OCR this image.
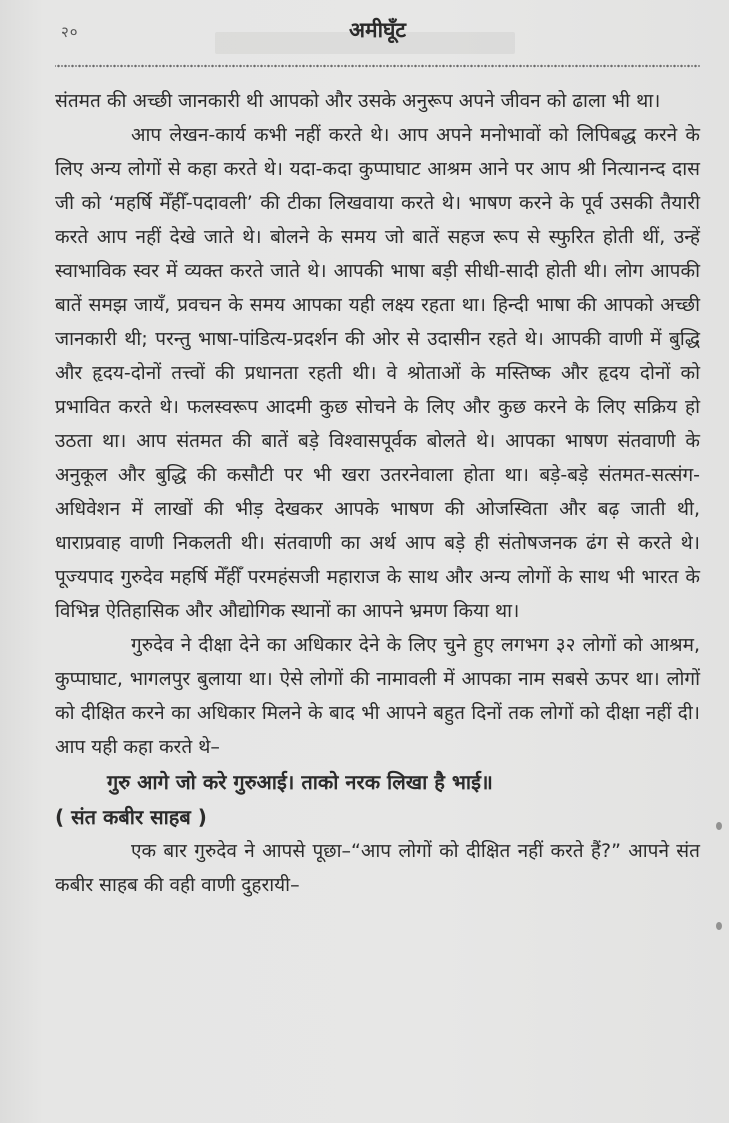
२०	अमीघूँट

संतमत की अच्छी जानकारी थी आपको और उसके अनुरूप अपने जीवन को ढाला भी था।

आप लेखन-कार्य कभी नहीं करते थे। आप अपने मनोभावों को लिपिबद्ध करने के लिए अन्य लोगों से कहा करते थे। यदा-कदा कुप्पाघाट आश्रम आने पर आप श्री नित्यानन्द दास जी को ‘महर्षि मेँहीँ-पदावली’ की टीका लिखवाया करते थे। भाषण करने के पूर्व उसकी तैयारी करते आप नहीं देखे जाते थे। बोलने के समय जो बातें सहज रूप से स्फुरित होती थीं, उन्हें स्वाभाविक स्वर में व्यक्त करते जाते थे। आपकी भाषा बड़ी सीधी-सादी होती थी। लोग आपकी बातें समझ जायँ, प्रवचन के समय आपका यही लक्ष्य रहता था। हिन्दी भाषा की आपको अच्छी जानकारी थी; परन्तु भाषा-पांडित्य-प्रदर्शन की ओर से उदासीन रहते थे। आपकी वाणी में बुद्धि और हृदय-दोनों तत्त्वों की प्रधानता रहती थी। वे श्रोताओं के मस्तिष्क और हृदय दोनों को प्रभावित करते थे। फलस्वरूप आदमी कुछ सोचने के लिए और कुछ करने के लिए सक्रिय हो उठता था। आप संतमत की बातें बड़े विश्वासपूर्वक बोलते थे। आपका भाषण संतवाणी के अनुकूल और बुद्धि की कसौटी पर भी खरा उतरनेवाला होता था। बड़े-बड़े संतमत-सत्संग-अधिवेशन में लाखों की भीड़ देखकर आपके भाषण की ओजस्विता और बढ़ जाती थी, धाराप्रवाह वाणी निकलती थी। संतवाणी का अर्थ आप बड़े ही संतोषजनक ढंग से करते थे। पूज्यपाद गुरुदेव महर्षि मेँहीँ परमहंसजी महाराज के साथ और अन्य लोगों के साथ भी भारत के विभिन्न ऐतिहासिक और औद्योगिक स्थानों का आपने भ्रमण किया था।

गुरुदेव ने दीक्षा देने का अधिकार देने के लिए चुने हुए लगभग ३२ लोगों को आश्रम, कुप्पाघाट, भागलपुर बुलाया था। ऐसे लोगों की नामावली में आपका नाम सबसे ऊपर था। लोगों को दीक्षित करने का अधिकार मिलने के बाद भी आपने बहुत दिनों तक लोगों को दीक्षा नहीं दी। आप यही कहा करते थे–

गुरु आगे जो करे गुरुआई। ताको नरक लिखा है भाई॥

( संत कबीर साहब )

एक बार गुरुदेव ने आपसे पूछा–“आप लोगों को दीक्षित नहीं करते हैं?” आपने संत कबीर साहब की वही वाणी दुहरायी–
